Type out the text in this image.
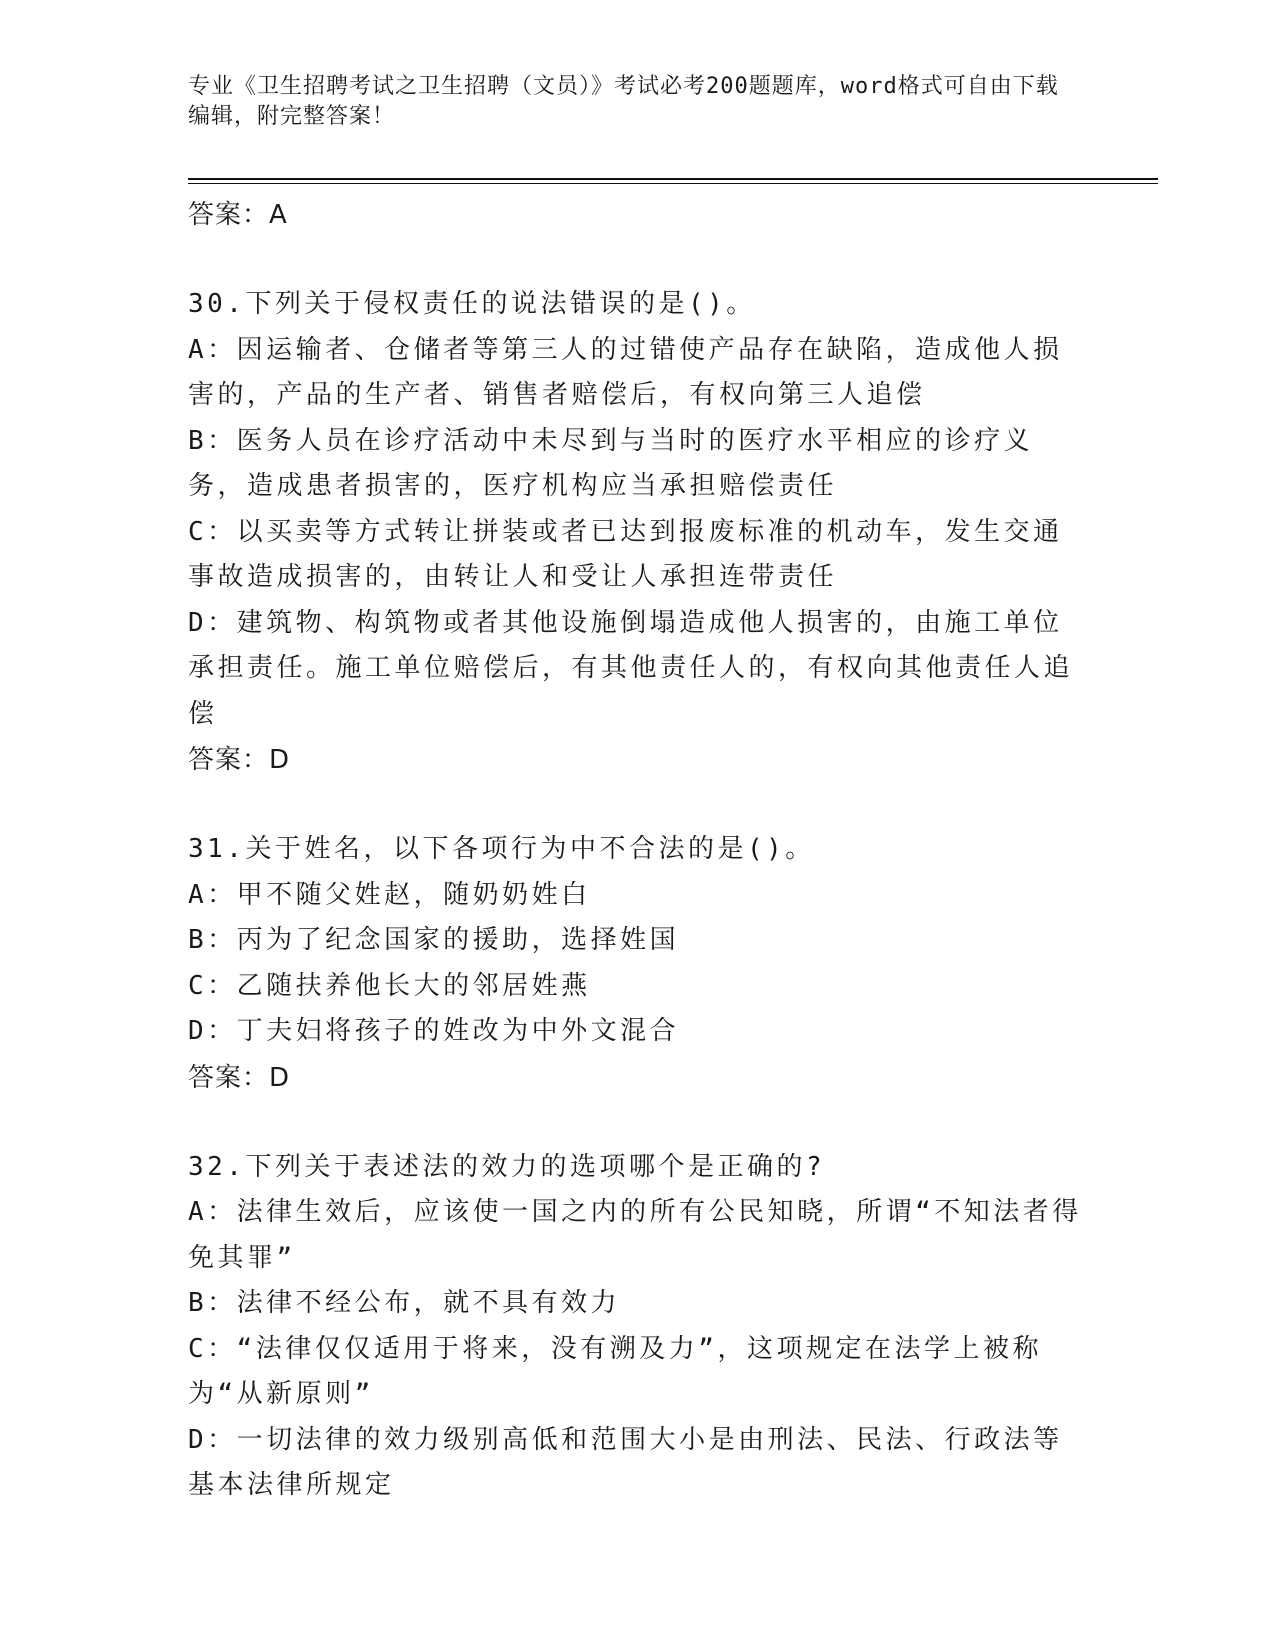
专业《卫生招聘考试之卫生招聘（文员）》考试必考200题题库，word格式可自由下载编辑，附完整答案！
答案：A

30.下列关于侵权责任的说法错误的是()。

A：因运输者、仓储者等第三人的过错使产品存在缺陷，造成他人损害的，产品的生产者、销售者赔偿后，有权向第三人追偿

B：医务人员在诊疗活动中未尽到与当时的医疗水平相应的诊疗义务，造成患者损害的，医疗机构应当承担赔偿责任

C：以买卖等方式转让拼装或者已达到报废标准的机动车，发生交通事故造成损害的，由转让人和受让人承担连带责任

D：建筑物、构筑物或者其他设施倒塌造成他人损害的，由施工单位承担责任。施工单位赔偿后，有其他责任人的，有权向其他责任人追偿

答案：D

31.关于姓名，以下各项行为中不合法的是()。

A：甲不随父姓赵，随奶奶姓白

B：丙为了纪念国家的援助，选择姓国

C：乙随扶养他长大的邻居姓燕

D：丁夫妇将孩子的姓改为中外文混合

答案：D

32.下列关于表述法的效力的选项哪个是正确的?

A：法律生效后，应该使一国之内的所有公民知晓，所谓“不知法者得免其罪”

B：法律不经公布，就不具有效力

C：“法律仅仅适用于将来，没有溯及力”，这项规定在法学上被称为“从新原则”

D：一切法律的效力级别高低和范围大小是由刑法、民法、行政法等基本法律所规定
